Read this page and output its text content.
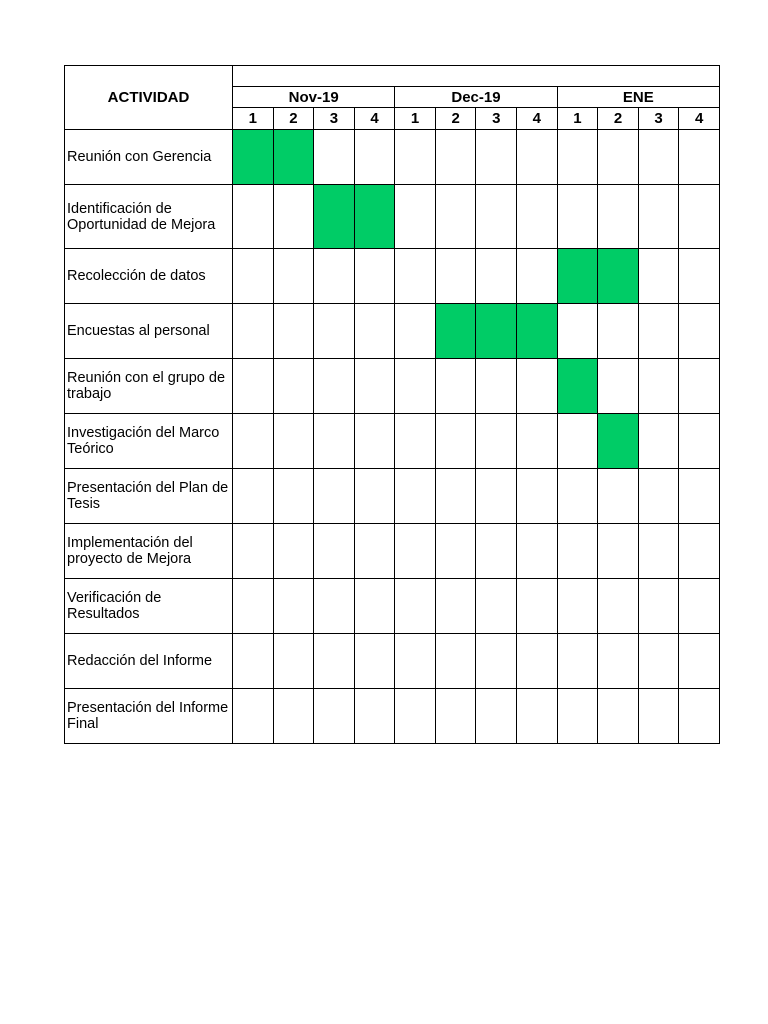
ACTIVIDAD												
	Nov-19				Dec-19				ENE			
	1	2	3	4	1	2	3	4	1	2	3	4
Reunión con Gerencia												
Identificación de Oportunidad de Mejora												
Recolección de datos												
Encuestas al personal												
Reunión con el grupo de trabajo												
Investigación del Marco Teórico												
Presentación del Plan de Tesis												
Implementación del proyecto de Mejora												
Verificación de Resultados												
Redacción del Informe												
Presentación del Informe Final												
